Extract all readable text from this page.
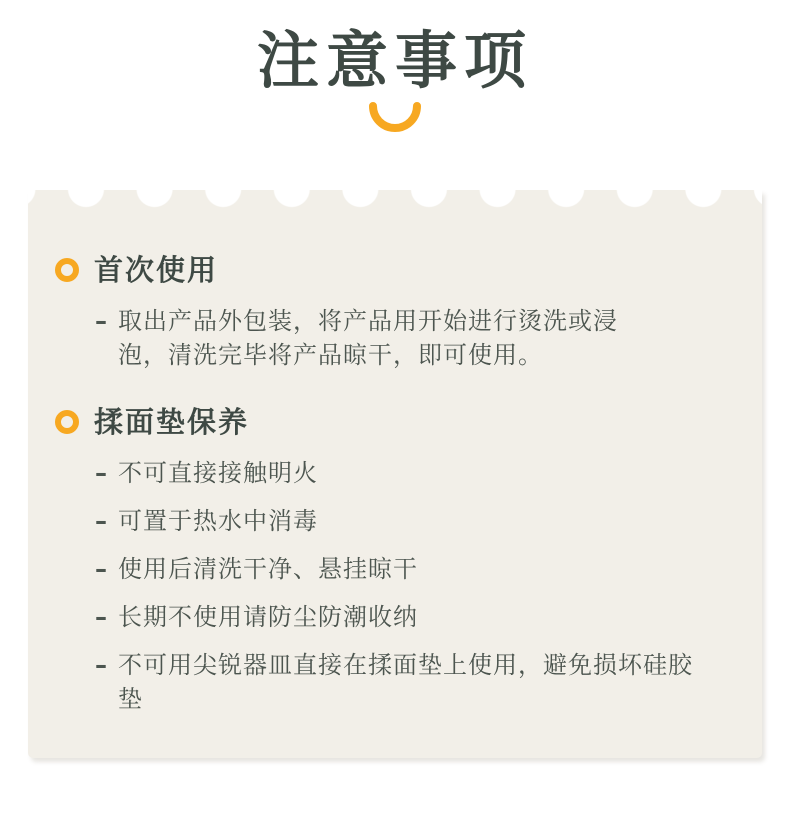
注意事项
首次使用
– 取出产品外包装，将产品用开始进行烫洗或浸泡，清洗完毕将产品晾干，即可使用。
揉面垫保养
– 不可直接接触明火
– 可置于热水中消毒
– 使用后清洗干净、悬挂晾干
– 长期不使用请防尘防潮收纳
– 不可用尖锐器皿直接在揉面垫上使用，避免损坏硅胶垫
